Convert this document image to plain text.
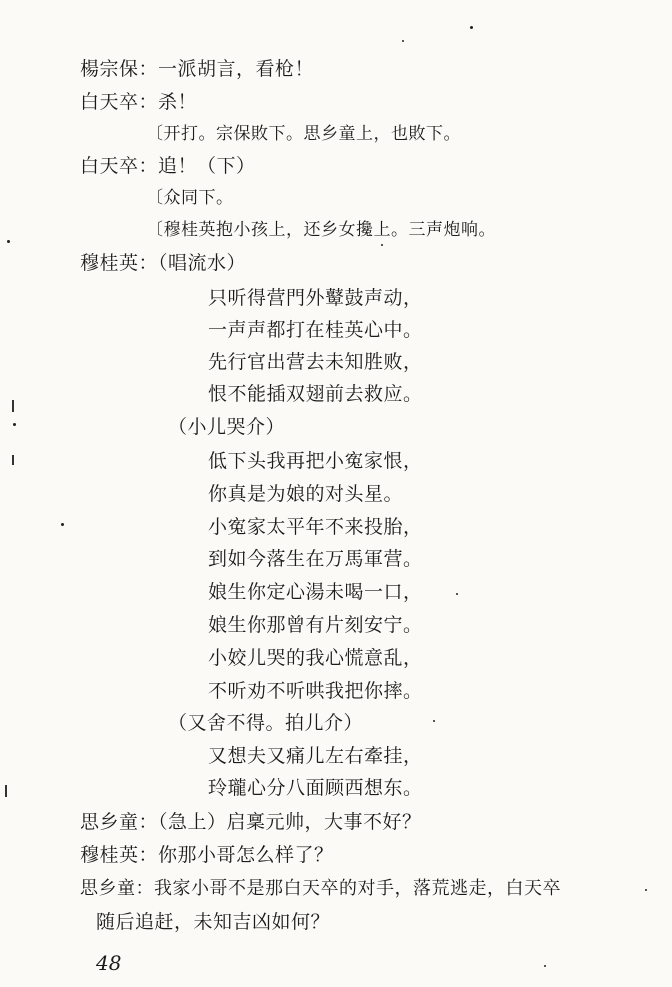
楊宗保：一派胡言，看枪！
白天卒：杀！
〔开打。宗保敗下。思乡童上，也敗下。
白天卒：追！（下）
〔众同下。
〔穆桂英抱小孩上，还乡女攙上。三声炮响。
穆桂英：（唱流水）
只听得营門外鼙鼓声动，
一声声都打在桂英心中。
先行官出营去未知胜败，
恨不能插双翅前去救应。
（小儿哭介）
低下头我再把小寃家恨，
你真是为娘的对头星。
小寃家太平年不来投胎，
到如今落生在万馬軍营。
娘生你定心湯未喝一口，
娘生你那曾有片刻安宁。
小姣儿哭的我心慌意乱，
不听劝不听哄我把你摔。
（又舍不得。拍儿介）
又想夫又痛儿左右牽挂，
玲瓏心分八面顾西想东。
思乡童：（急上）启稟元帅，大事不好？
穆桂英：你那小哥怎么样了？
思乡童：我家小哥不是那白天卒的对手，落荒逃走，白天卒
随后追赶，未知吉凶如何？
48
